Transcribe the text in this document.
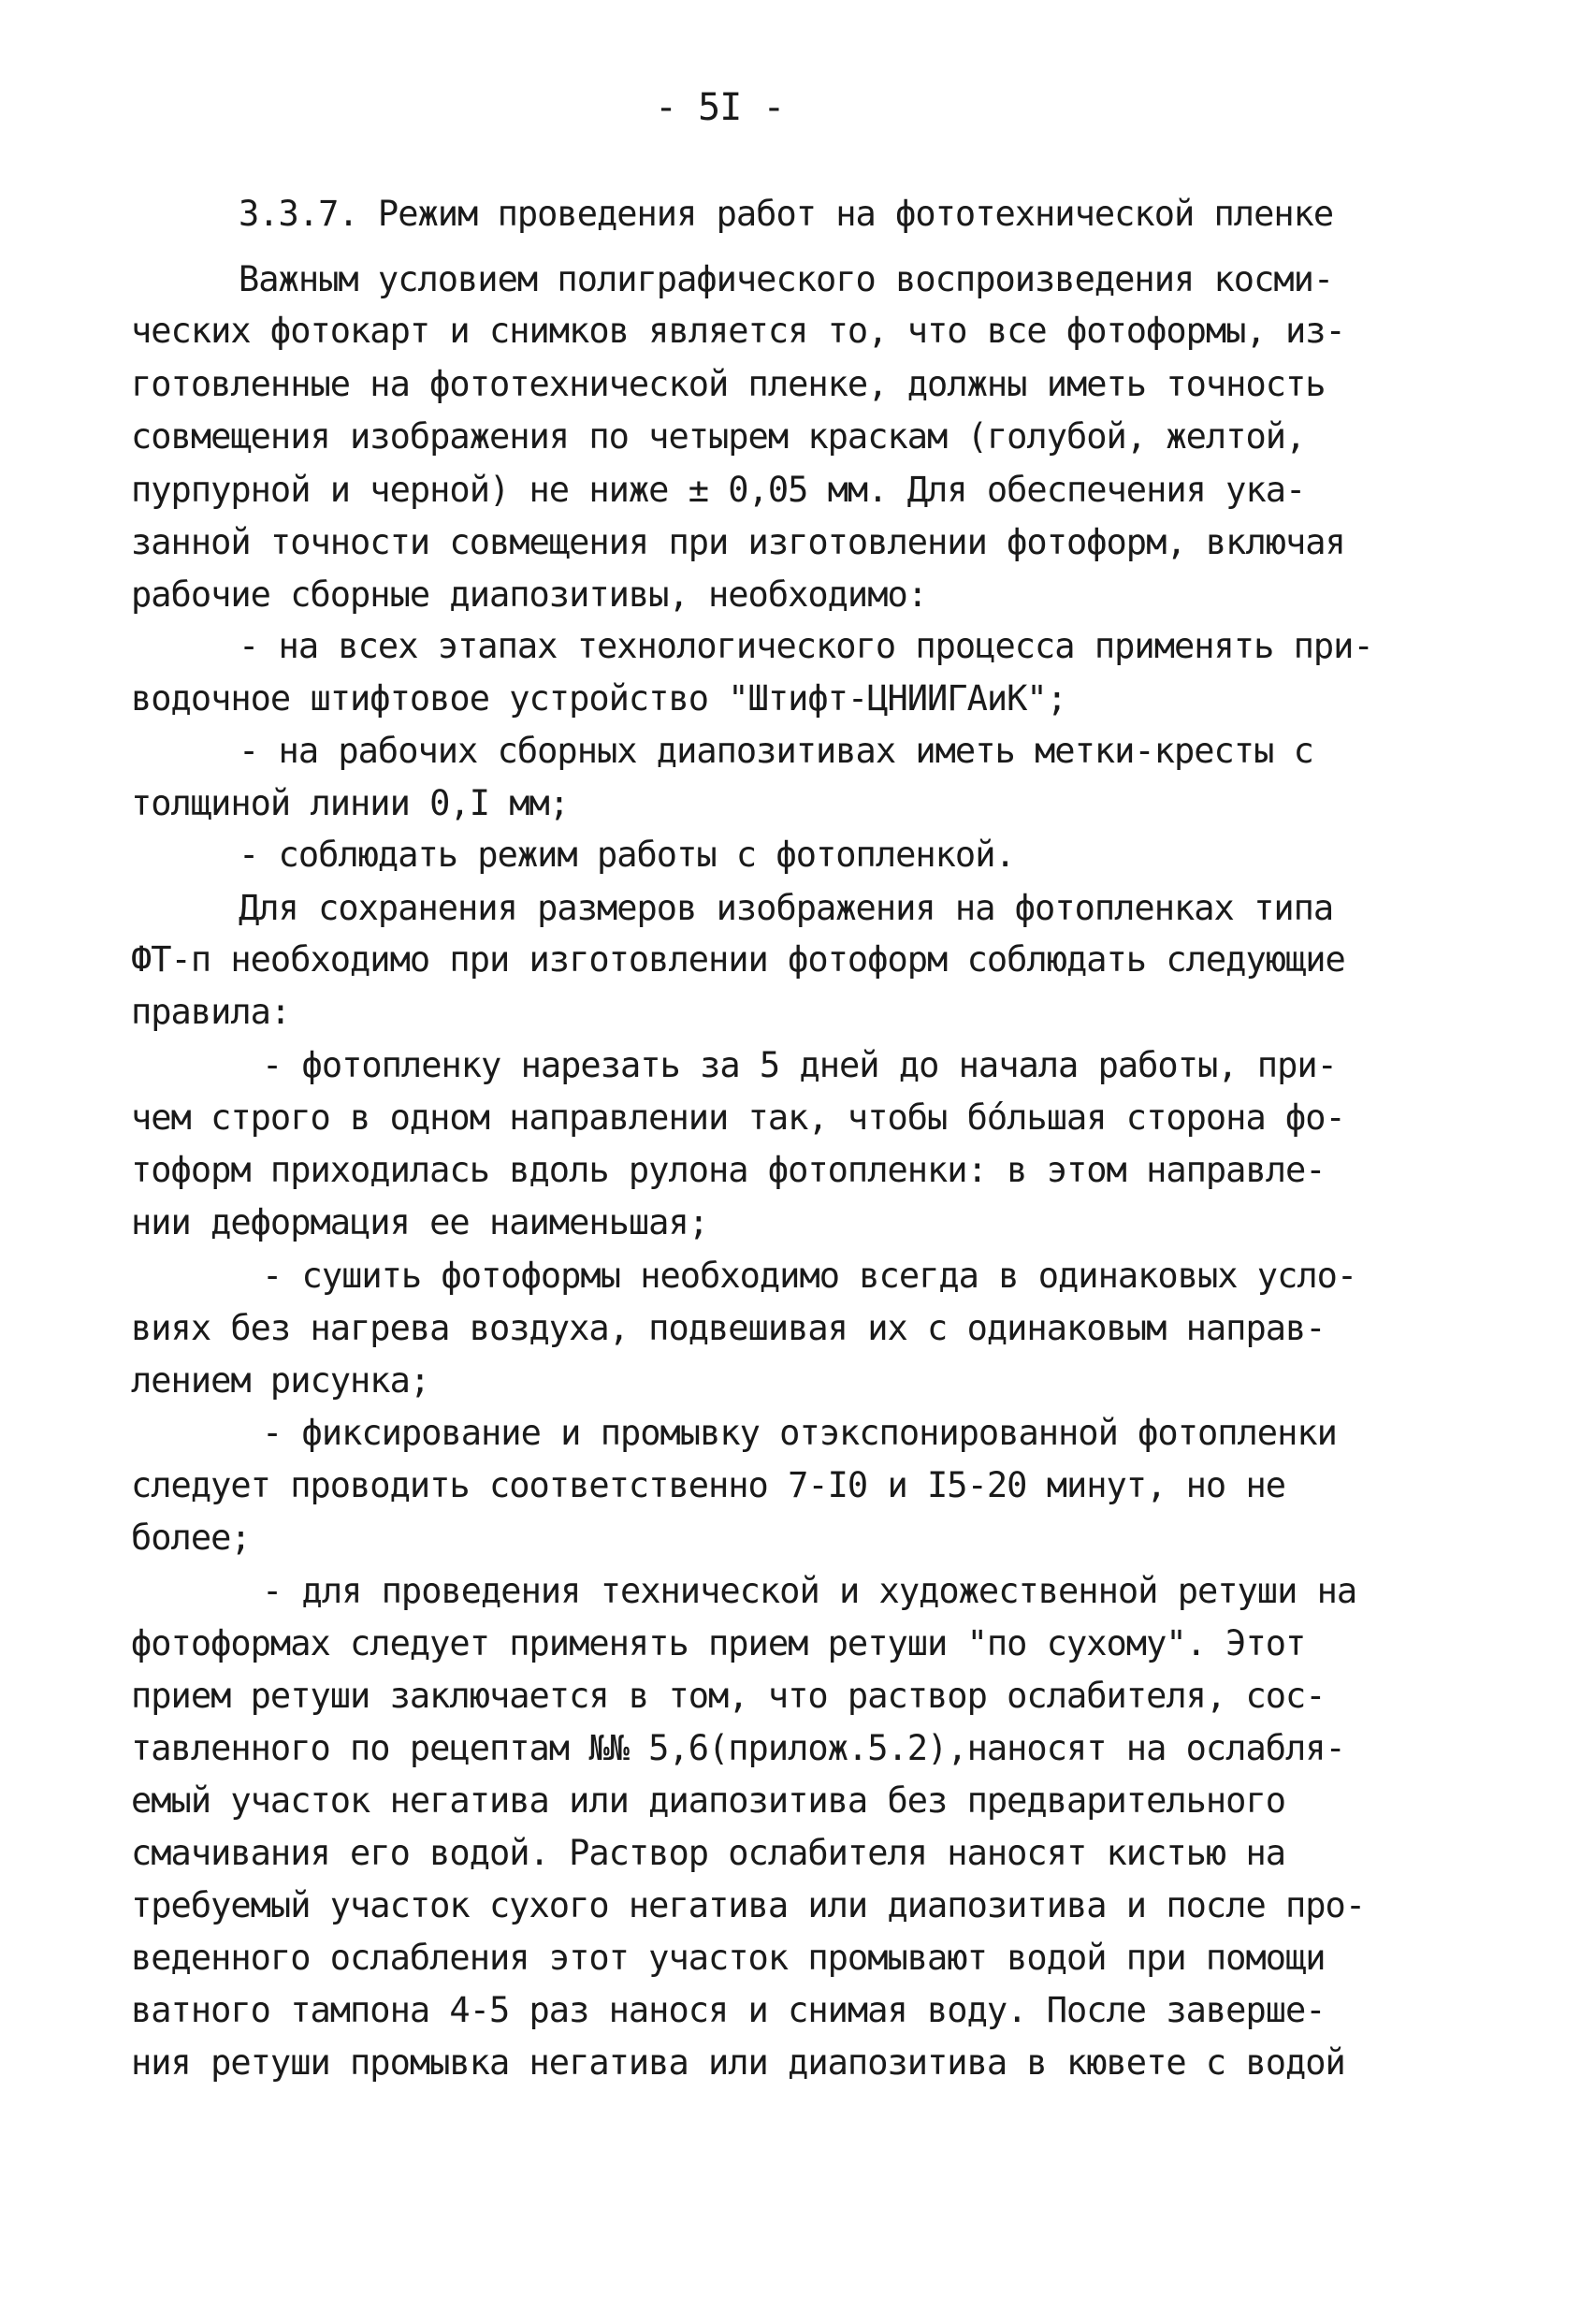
- 5I -
3.3.7. Режим проведения работ на фототехнической пленке
Важным условием полиграфического воспроизведения косми-
ческих фотокарт и снимков является то, что все фотоформы, из-
готовленные на фототехнической пленке, должны иметь точность
совмещения изображения по четырем краскам (голубой, желтой,
пурпурной и черной) не ниже ± 0,05 мм. Для обеспечения ука-
занной точности совмещения при изготовлении фотоформ, включая
рабочие сборные диапозитивы, необходимо:
- на всех этапах технологического процесса применять при-
водочное штифтовое устройство "Штифт-ЦНИИГАиК";
- на рабочих сборных диапозитивах иметь метки-кресты с
толщиной линии 0,I мм;
- соблюдать режим работы с фотопленкой.
Для сохранения размеров изображения на фотопленках типа
ФТ-п необходимо при изготовлении фотоформ соблюдать следующие
правила:
- фотопленку нарезать за 5 дней до начала работы, при-
чем строго в одном направлении так, чтобы бо́льшая сторона фо-
тоформ приходилась вдоль рулона фотопленки: в этом направле-
нии деформация ее наименьшая;
- сушить фотоформы необходимо всегда в одинаковых усло-
виях без нагрева воздуха, подвешивая их с одинаковым направ-
лением рисунка;
- фиксирование и промывку отэкспонированной фотопленки
следует проводить соответственно 7-I0 и I5-20 минут, но не
более;
- для проведения технической и художественной ретуши на
фотоформах следует применять прием ретуши "по сухому". Этот
прием ретуши заключается в том, что раствор ослабителя, сос-
тавленного по рецептам №№ 5,6(прилож.5.2),наносят на ослабля-
емый участок негатива или диапозитива без предварительного
смачивания его водой. Раствор ослабителя наносят кистью на
требуемый участок сухого негатива или диапозитива и после про-
веденного ослабления этот участок промывают водой при помощи
ватного тампона 4-5 раз нанося и снимая воду. После заверше-
ния ретуши промывка негатива или диапозитива в кювете с водой
